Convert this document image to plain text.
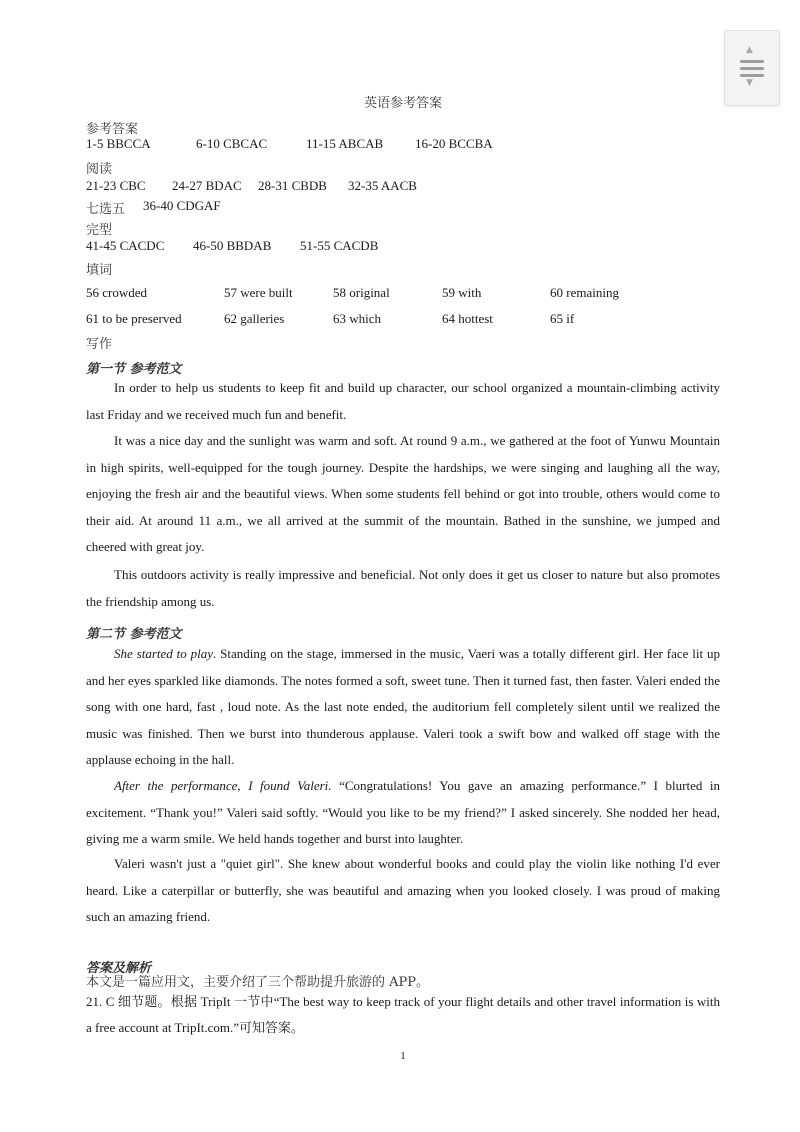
▲
▼
英语参考答案
参考答案
1-5 BBCCA	6-10 CBCAC	11-15 ABCAB 16-20 BCCBA
阅读
21-23 CBC 24-27 BDAC 28-31 CBDB 32-35 AACB
七选五 36-40 CDGAF
完型
41-45 CACDC 46-50 BBDAB 51-55 CACDB
填词
56 crowded	57 were built	58 original	59 with	60 remaining
61 to be preserved	62 galleries	63 which	64 hottest	65 if
写作
第一节 参考范文
In order to help us students to keep fit and build up character, our school organized a mountain-climbing activity last Friday and we received much fun and benefit.
It was a nice day and the sunlight was warm and soft. At round 9 a.m., we gathered at the foot of Yunwu Mountain in high spirits, well-equipped for the tough journey. Despite the hardships, we were singing and laughing all the way, enjoying the fresh air and the beautiful views. When some students fell behind or got into trouble, others would come to their aid. At around 11 a.m., we all arrived at the summit of the mountain. Bathed in the sunshine, we jumped and cheered with great joy.
This outdoors activity is really impressive and beneficial. Not only does it get us closer to nature but also promotes the friendship among us.
第二节 参考范文
She started to play. Standing on the stage, immersed in the music, Vaeri was a totally different girl. Her face lit up and her eyes sparkled like diamonds. The notes formed a soft, sweet tune. Then it turned fast, then faster. Valeri ended the song with one hard, fast , loud note. As the last note ended, the auditorium fell completely silent until we realized the music was finished. Then we burst into thunderous applause. Valeri took a swift bow and walked off stage with the applause echoing in the hall.
After the performance, I found Valeri. “Congratulations! You gave an amazing performance.” I blurted in excitement. “Thank you!” Valeri said softly. “Would you like to be my friend?” I asked sincerely. She nodded her head, giving me a warm smile. We held hands together and burst into laughter.
Valeri wasn't just a "quiet girl". She knew about wonderful books and could play the violin like nothing I'd ever heard. Like a caterpillar or butterfly, she was beautiful and amazing when you looked closely. I was proud of making such an amazing friend.
答案及解析
本文是一篇应用文，主要介绍了三个帮助提升旅游的 APP。
21. C 细节题。根据 TripIt 一节中“The best way to keep track of your flight details and other travel information is with a free account at TripIt.com.”可知答案。
1
